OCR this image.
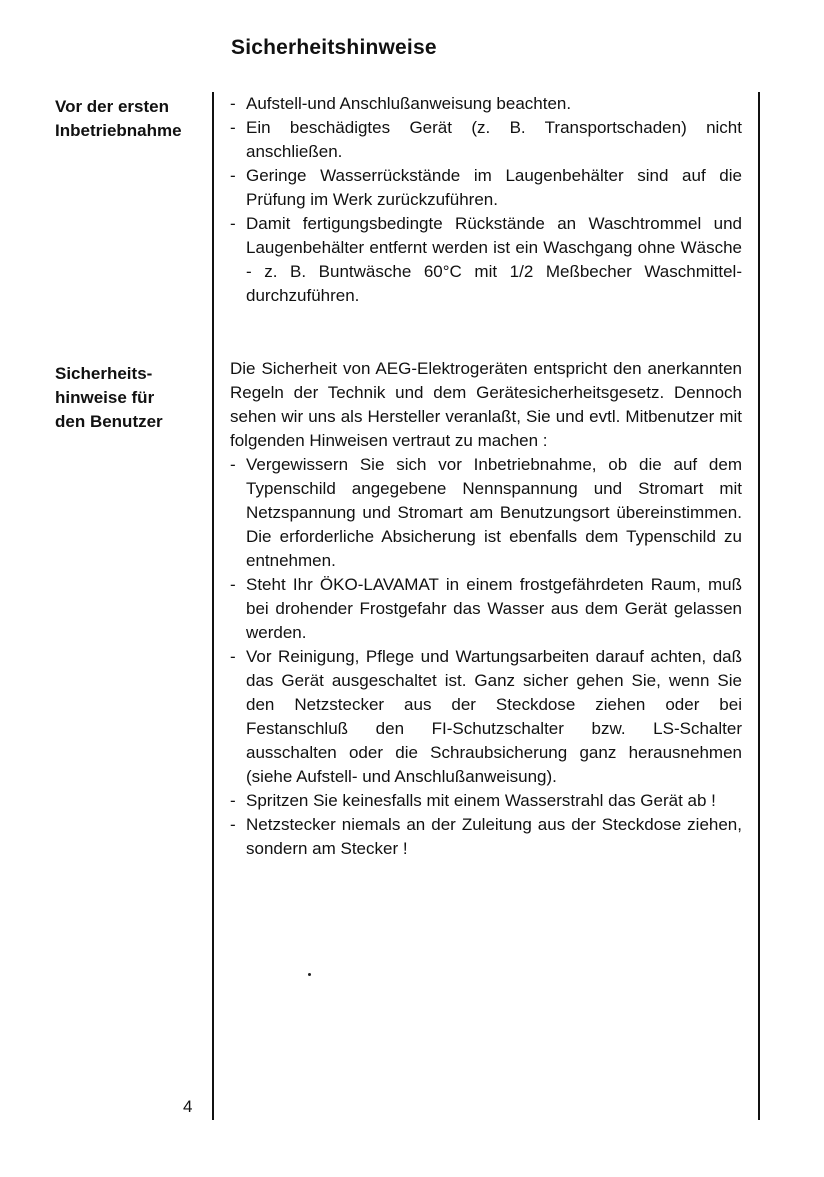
Sicherheitshinweise
Vor der ersten
Inbetriebnahme
- Aufstell-und Anschlußanweisung beachten.
- Ein beschädigtes Gerät (z. B. Transportschaden) nicht anschließen.
- Geringe Wasserrückstände im Laugenbehälter sind auf die Prüfung im Werk zurückzuführen.
- Damit fertigungsbedingte Rückstände an Waschtrommel und Laugenbehälter entfernt werden ist ein Waschgang ohne Wäsche - z. B. Buntwäsche 60°C mit 1/2 Meßbecher Waschmittel- durchzuführen.
Sicherheits-
hinweise für
den Benutzer
Die Sicherheit von AEG-Elektrogeräten entspricht den anerkannten Regeln der Technik und dem Gerätesicherheitsgesetz. Dennoch sehen wir uns als Hersteller veranlaßt, Sie und evtl. Mitbenutzer mit folgenden Hinweisen vertraut zu machen :
- Vergewissern Sie sich vor Inbetriebnahme, ob die auf dem Typenschild angegebene Nennspannung und Stromart mit Netzspannung und Stromart am Benutzungsort übereinstimmen. Die erforderliche Absicherung ist ebenfalls dem Typenschild zu entnehmen.
- Steht Ihr ÖKO-LAVAMAT in einem frostgefährdeten Raum, muß bei drohender Frostgefahr das Wasser aus dem Gerät gelassen werden.
- Vor Reinigung, Pflege und Wartungsarbeiten darauf achten, daß das Gerät ausgeschaltet ist. Ganz sicher gehen Sie, wenn Sie den Netzstecker aus der Steckdose ziehen oder bei Festanschluß den FI-Schutzschalter bzw. LS-Schalter ausschalten oder die Schraubsicherung ganz herausnehmen (siehe Aufstell- und Anschlußanweisung).
- Spritzen Sie keinesfalls mit einem Wasserstrahl das Gerät ab !
- Netzstecker niemals an der Zuleitung aus der Steckdose ziehen, sondern am Stecker !
4
